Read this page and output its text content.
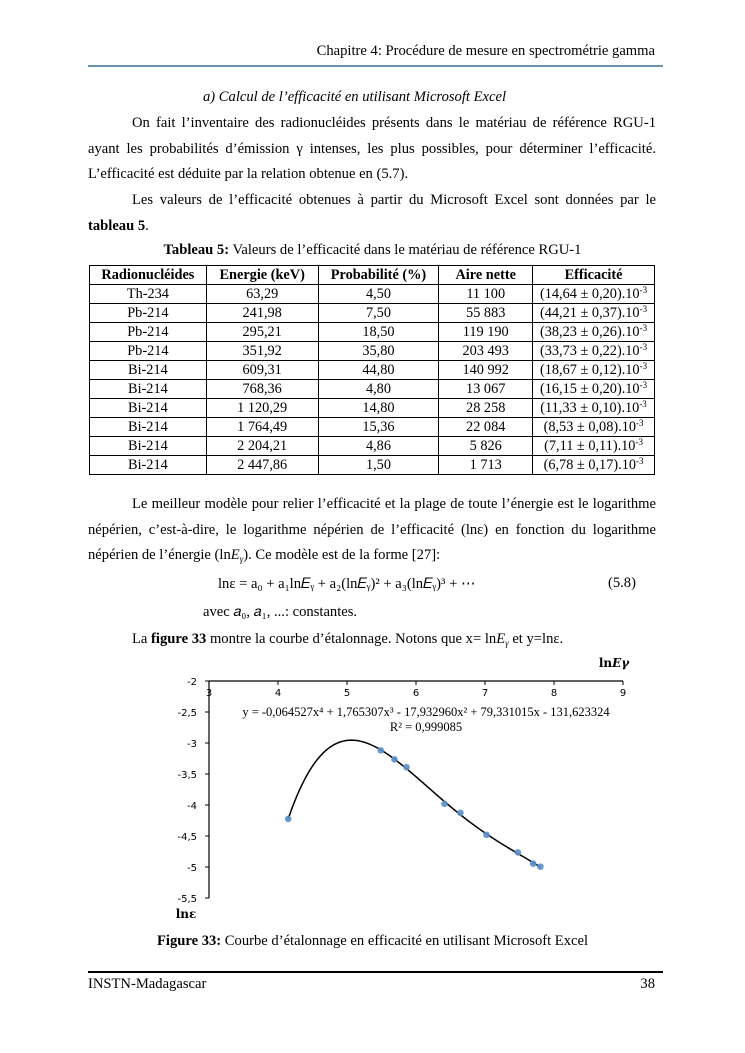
Chapitre 4: Procédure de mesure en spectrométrie gamma
a) Calcul de l’efficacité en utilisant Microsoft Excel
On fait l’inventaire des radionucléides présents dans le matériau de référence RGU-1 ayant les probabilités d’émission γ intenses, les plus possibles, pour déterminer l’efficacité. L’efficacité est déduite par la relation obtenue en (5.7).
Les valeurs de l’efficacité obtenues à partir du Microsoft Excel sont données par le tableau 5.
Tableau 5: Valeurs de l’efficacité dans le matériau de référence RGU-1
Radionucléides	Energie (keV)	Probabilité (%)	Aire nette	Efficacité
Th-234	63,29	4,50	11 100	$(14,64 \pm 0,20).10^{-3}$
Pb-214	241,98	7,50	55 883	$(44,21 \pm 0,37).10^{-3}$
Pb-214	295,21	18,50	119 190	$(38,23 \pm 0,26).10^{-3}$
Pb-214	351,92	35,80	203 493	$(33,73 \pm 0,22).10^{-3}$
Bi-214	609,31	44,80	140 992	$(18,67 \pm 0,12).10^{-3}$
Bi-214	768,36	4,80	13 067	$(16,15 \pm 0,20).10^{-3}$
Bi-214	1 120,29	14,80	28 258	$(11,33 \pm 0,10).10^{-3}$
Bi-214	1 764,49	15,36	22 084	$(8,53 \pm 0,08).10^{-3}$
Bi-214	2 204,21	4,86	5 826	$(7,11 \pm 0,11).10^{-3}$
Bi-214	2 447,86	1,50	1 713	$(6,78 \pm 0,17).10^{-3}$
Le meilleur modèle pour relier l’efficacité et la plage de toute l’énergie est le logarithme népérien, c’est-à-dire, le logarithme népérien de l’efficacité (lnε) en fonction du logarithme népérien de l’énergie (lnE$_\gamma$). Ce modèle est de la forme [27]:
lnε = a₀ + a₁ln𝐸ᵧ + a₂(ln𝐸ᵧ)² + a₃(ln𝐸ᵧ)³ + ⋯	(5.8)
avec 𝑎₀, 𝑎₁, ...: constantes.
La figure 33 montre la courbe d’étalonnage. Notons que x= lnE$_\gamma$ et y=lnε.
3	4	5	6	7	8	9
-2
-2,5
-3
-3,5
-4
-4,5
-5
-5,5
y = -0,064527x⁴ + 1,765307x³ - 17,932960x² + 79,331015x - 131,623324
R² = 0,999085
lnEγ
lnε
Figure 33: Courbe d’étalonnage en efficacité en utilisant Microsoft Excel
INSTN-Madagascar	38
